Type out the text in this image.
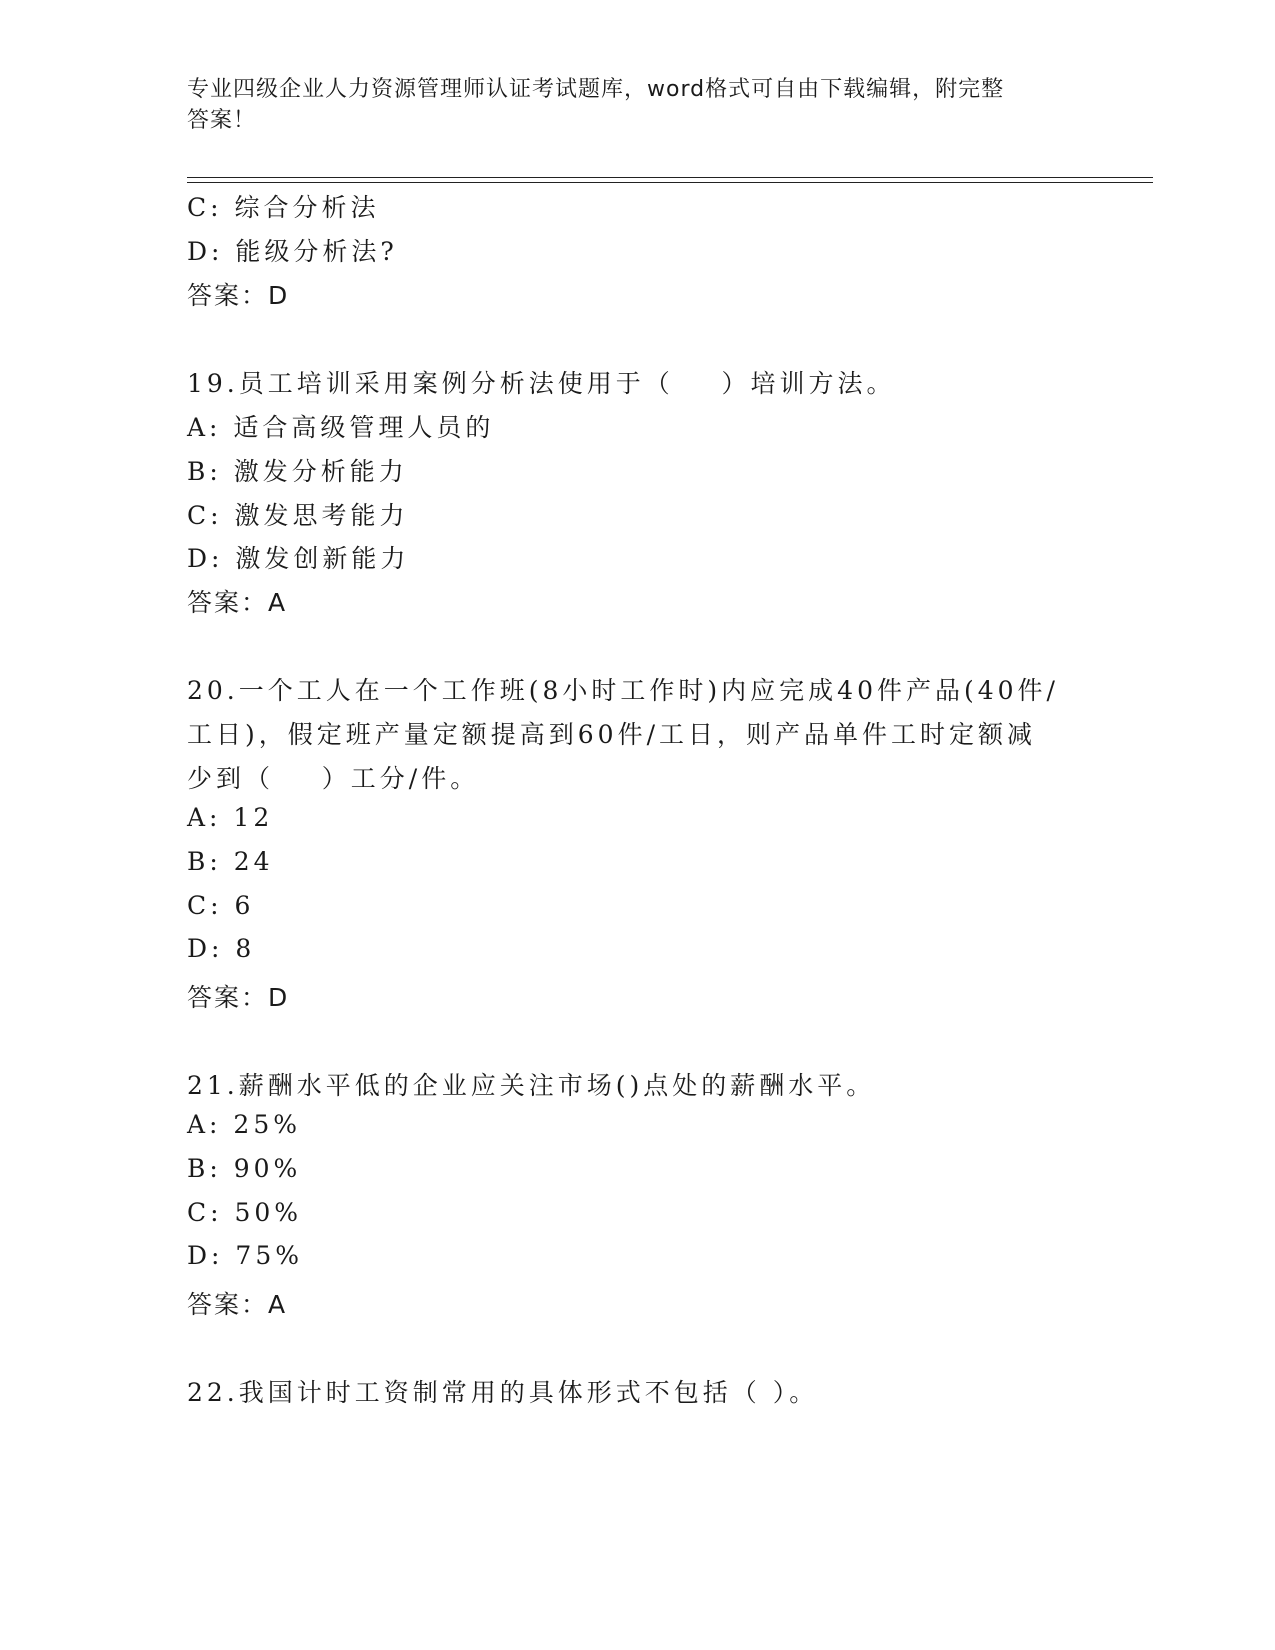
专业四级企业人力资源管理师认证考试题库，word格式可自由下载编辑，附完整
答案！
C: 综合分析法
D: 能级分析法?
答案：D
19.员工培训采用案例分析法使用于（    ）培训方法。
A: 适合高级管理人员的
B: 激发分析能力
C: 激发思考能力
D: 激发创新能力
答案：A
20.一个工人在一个工作班(8小时工作时)内应完成40件产品(40件/
工日)，假定班产量定额提高到60件/工日，则产品单件工时定额减
少到（    ）工分/件。
A: 12
B: 24
C: 6
D: 8
答案：D
21.薪酬水平低的企业应关注市场()点处的薪酬水平。
A: 25%
B: 90%
C: 50%
D: 75%
答案：A
22.我国计时工资制常用的具体形式不包括（ ）。
